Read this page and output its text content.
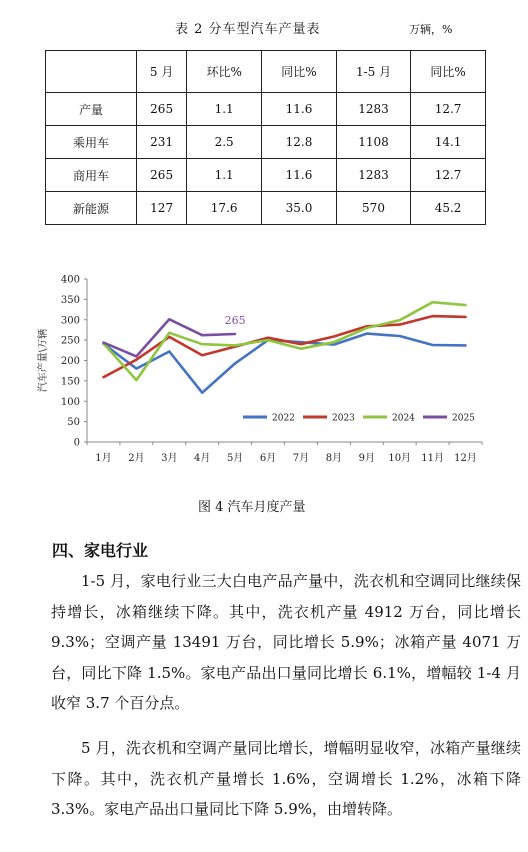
表 2 分车型汽车产量表	万辆，%
	5 月	环比%	同比%	1-5 月	同比%
产量	265	1.1	11.6	1283	12.7
乘用车	231	2.5	12.8	1108	14.1
商用车	265	1.1	11.6	1283	12.7
新能源	127	17.6	35.0	570	45.2
0
50
100
150
200
250
300
350
400
1月 2月 3月 4月 5月 6月 7月 8月 9月 10月 11月 12月
汽车产量\万辆
265
2022	2023	2024	2025
图 4 汽车月度产量
四、家电行业

1-5 月，家电行业三大白电产品产量中，洗衣机和空调同比继续保持增长，冰箱继续下降。其中，洗衣机产量 4912 万台，同比增长 9.3%；空调产量 13491 万台，同比增长 5.9%；冰箱产量 4071 万台，同比下降 1.5%。家电产品出口量同比增长 6.1%，增幅较 1-4 月收窄 3.7 个百分点。

5 月，洗衣机和空调产量同比增长，增幅明显收窄，冰箱产量继续下降。其中，洗衣机产量增长 1.6%，空调增长 1.2%，冰箱下降 3.3%。家电产品出口量同比下降 5.9%，由增转降。
